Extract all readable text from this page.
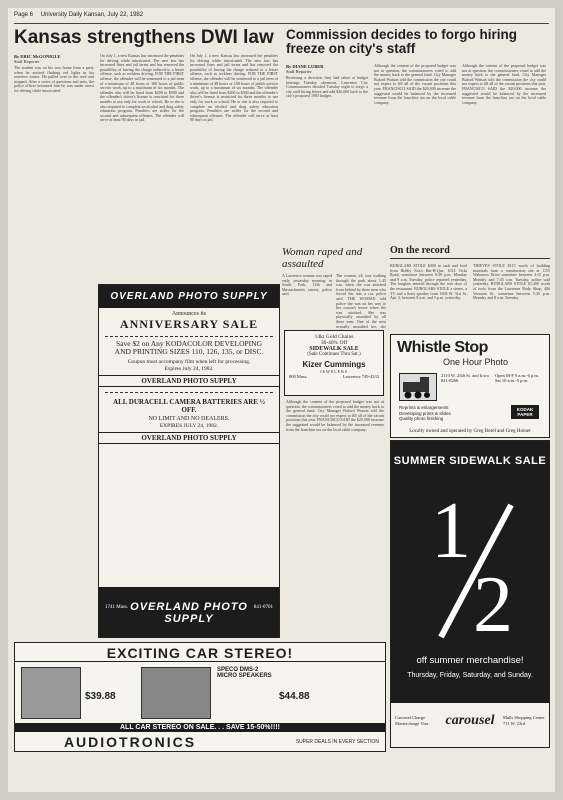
Page 6 University Daily Kansan, July 22, 1982
Kansas strengthens DWI law
By ERIC McGONIGLE
Staff Reporter
The student was on his way home from a party when he noticed flashing red lights in his rearview mirror. He pulled over to the curb and stopped. After a series of questions and tests, the police officer informed him he was under arrest for driving while intoxicated.
On July 1, a new Kansas law increased the penalties for driving while intoxicated. The new law has increased fines and jail terms and has removed the possibility of having the charge reduced to a lesser offense, such as reckless driving. FOR THE FIRST offense, the offender will be sentenced to a jail term of a minimum of 48 hours or 100 hours of public service work, up to a maximum of six months. The offender also will be fined from $200 to $500 and the offender's driver's license is restricted for three months to use only for work or school. He or she is also required to complete an alcohol and drug safety education program. Penalties are stiffer for the second and subsequent offenses. The offender will serve at least 90 days in jail.
On July 1, a new Kansas law increased the penalties for driving while intoxicated. The new law has increased fines and jail terms and has removed the possibility of having the charge reduced to a lesser offense, such as reckless driving. FOR THE FIRST offense, the offender will be sentenced to a jail term of a minimum of 48 hours or 100 hours of public service work, up to a maximum of six months. The offender also will be fined from $200 to $500 and the offender's driver's license is restricted for three months to use only for work or school. He or she is also required to complete an alcohol and drug safety education program. Penalties are stiffer for the second and subsequent offenses. The offender will serve at least 90 days in jail.
OVERLAND PHOTO SUPPLY
Announces its
ANNIVERSARY SALE
Save $2 on Any KODACOLOR DEVELOPING AND PRINTING SIZES 110, 126, 135, or DISC.
Coupon must accompany film when left for processing.
Expires July 24, 1982.
OVERLAND PHOTO SUPPLY
ALL DURACELL CAMERA BATTERIES ARE ½ OFF.
NO LIMIT AND NO DEALERS.
EXPIRES JULY 24, 1982.
OVERLAND PHOTO SUPPLY
1741 Mass. OVERLAND PHOTO SUPPLY
841-0701
Commission decides to forgo hiring freeze on city's staff
By DIANE LUBER
Staff Reporter
Reversing a direction they had taken at budget hearings Tuesday afternoon, Lawrence City Commissioners decided Tuesday night to forgo a city staff hiring freeze and add $26,000 back to the city's proposed 1983 budget.
Although the content of the proposed budget was not at question, the commissioners voted to add the money back to the general fund. City Manager Buford Watson told the commission the city could not expect to fill all of the vacant positions this year. FRANCISCO SAID the $20,000 increase the suggested would be balanced by the increased revenue from the franchise tax on the local cable company.
Although the content of the proposed budget was not at question, the commissioners voted to add the money back to the general fund. City Manager Buford Watson told the commission the city could not expect to fill all of the vacant positions this year. FRANCISCO SAID the $20,000 increase the suggested would be balanced by the increased revenue from the franchise tax on the local cable company.
Woman raped and assaulted
A Lawrence woman was raped early yesterday morning in South Park, 12th and Massachusetts streets, police said.
The woman, 24, was walking through the park about 1:45 a.m. when she was attacked from behind by three men who forced her into a car, police said. THE WOMAN told police she was on her way to her cousin's house when she was attacked. She was physically assaulted by all three men. One of the men sexually assaulted her, she
14kt Gold Chains
30-40% Off
SIDEWALK SALE
(Sale Continues Thru Sat.)
Kizer Cummings
JEWELERS
800 Mass.	Lawrence 749-4333
On the record
BURGLARS STOLE $400 in cash and food from Bobby Sox's Bar-B-Que, 1014 Vicki Road, sometime between 8:30 p.m. Monday and 9 a.m. Tuesday, police reported yesterday. The burglars entered through the rear door of the restaurant. BURGLARS STOLE a stereo, a TV and a Sony speaker from 1604 W. 31st St. Apt. 3, between 8 a.m. and 5 p.m. yesterday.
THIEVES STOLE $115 worth of building materials from a construction site at 1155 Wakarusa Drive sometime between 4:15 p.m. Monday and 7:45 a.m. Tuesday, police said yesterday. BURGLARS STOLE $1,400 worth of tools from the Lawrence Body Shop, 406 Vermont St., sometime between 5:30 p.m. Monday and 8 a.m. Tuesday.
Whistle Stop
One Hour Photo
2110 W. 25th St. and Iowa
841-8266
Open M-F 9 a.m.-6 p.m.
Sat 10 a.m.-5 p.m.
Reprints & enlargements
Developing prints & slides
Quality photo finishing
KODAK PAPER
Locally owned and operated by Greg Borel and Greg Hoiner
SUMMER SIDEWALK SALE
1
2
off summer merchandise!
Thursday, Friday, Saturday, and Sunday.
Carousel Charge Mastercharge Visa	carousel	Malls Shopping Center 711 W. 23rd
Although the content of the proposed budget was not at question, the commissioners voted to add the money back to the general fund. City Manager Buford Watson told the commission the city could not expect to fill all of the vacant positions this year. FRANCISCO SAID the $20,000 increase the suggested would be balanced by the increased revenue from the franchise tax on the local cable company.
EXCITING CAR STEREO!
$39.88
SPECO DMS-2 MICRO SPEAKERS
$44.88
ALL CAR STEREO ON SALE. . . SAVE 15-50%!!!!
AUDIOTRONICS	SUPER DEALS IN EVERY SECTION
